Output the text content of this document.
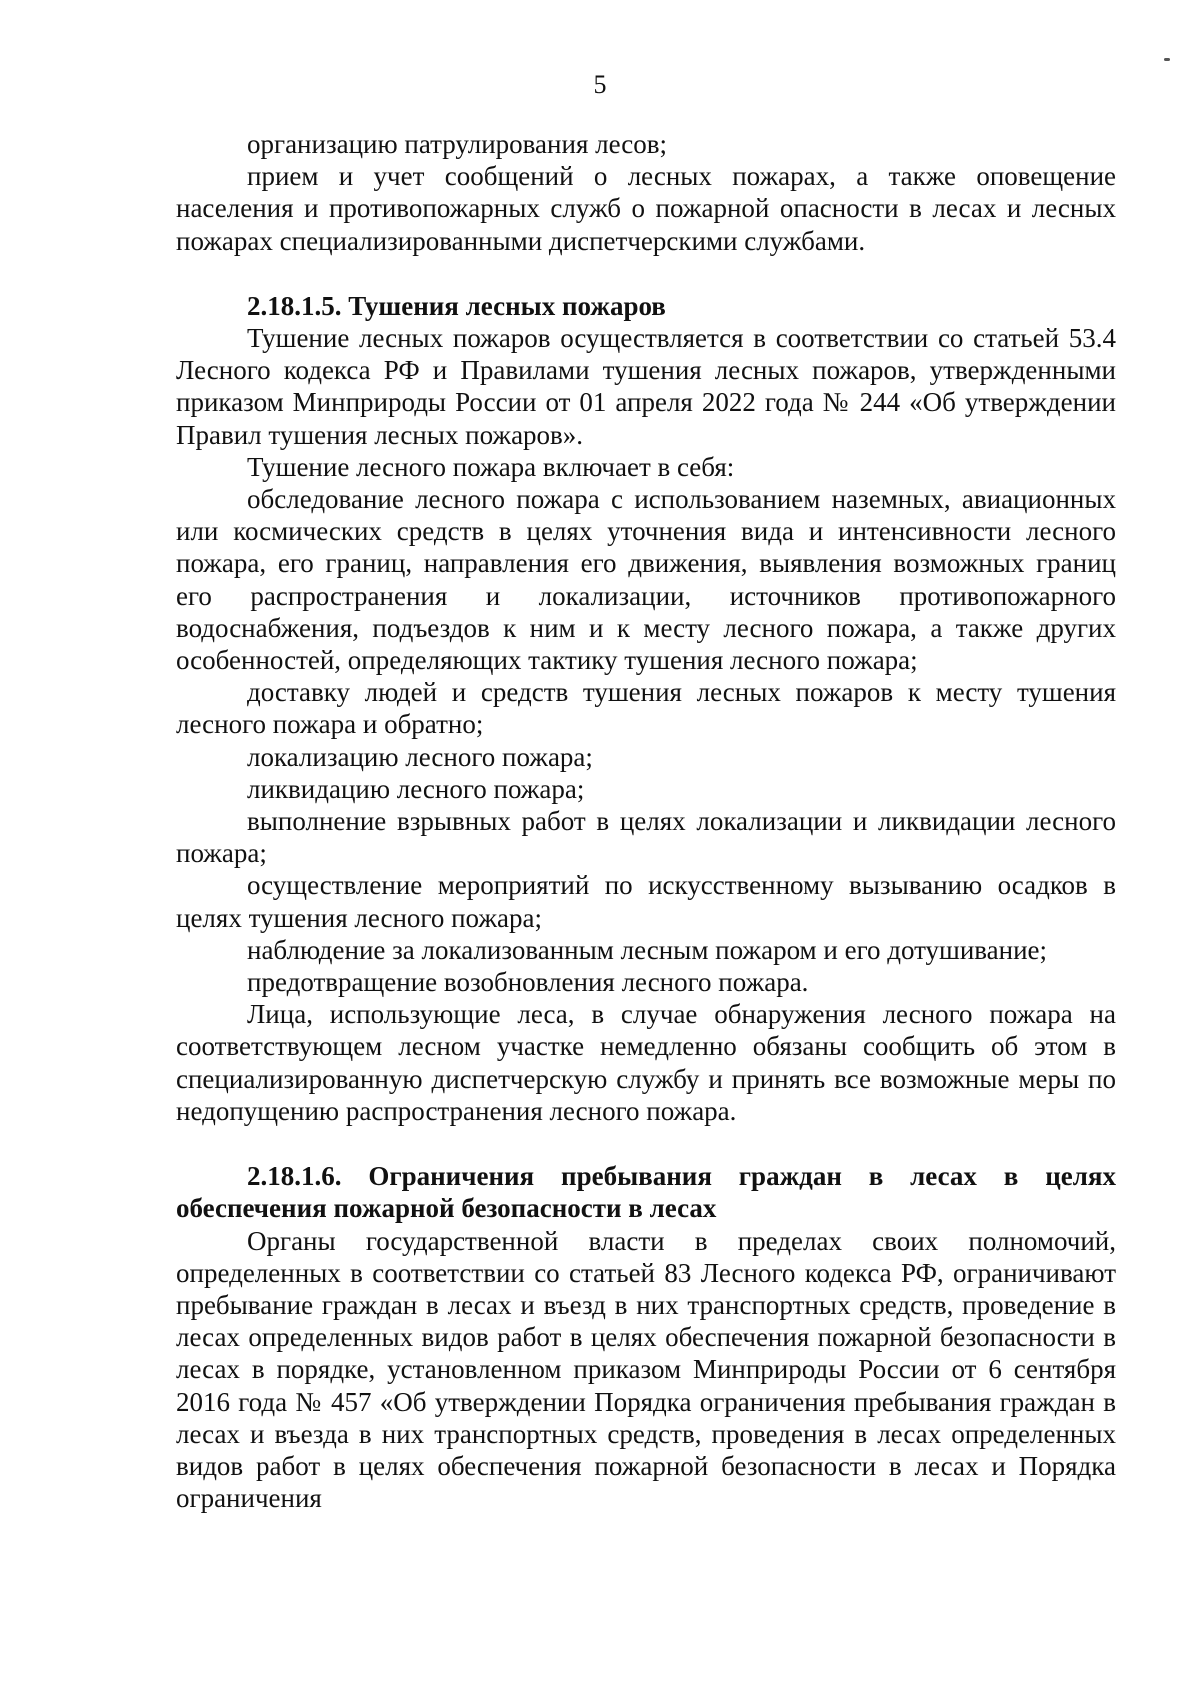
5

организацию патрулирования лесов;

прием и учет сообщений о лесных пожарах, а также оповещение населения и противопожарных служб о пожарной опасности в лесах и лесных пожарах специализированными диспетчерскими службами.

2.18.1.5. Тушения лесных пожаров

Тушение лесных пожаров осуществляется в соответствии со статьей 53.4 Лесного кодекса РФ и Правилами тушения лесных пожаров, утвержденными приказом Минприроды России от 01 апреля 2022 года № 244 «Об утверждении Правил тушения лесных пожаров».

Тушение лесного пожара включает в себя:

обследование лесного пожара с использованием наземных, авиационных или космических средств в целях уточнения вида и интенсивности лесного пожара, его границ, направления его движения, выявления возможных границ его распространения и локализации, источников противопожарного водоснабжения, подъездов к ним и к месту лесного пожара, а также других особенностей, определяющих тактику тушения лесного пожара;

доставку людей и средств тушения лесных пожаров к месту тушения лесного пожара и обратно;

локализацию лесного пожара;

ликвидацию лесного пожара;

выполнение взрывных работ в целях локализации и ликвидации лесного пожара;

осуществление мероприятий по искусственному вызыванию осадков в целях тушения лесного пожара;

наблюдение за локализованным лесным пожаром и его дотушивание;

предотвращение возобновления лесного пожара.

Лица, использующие леса, в случае обнаружения лесного пожара на соответствующем лесном участке немедленно обязаны сообщить об этом в специализированную диспетчерскую службу и принять все возможные меры по недопущению распространения лесного пожара.

2.18.1.6. Ограничения пребывания граждан в лесах в целях обеспечения пожарной безопасности в лесах

Органы государственной власти в пределах своих полномочий, определенных в соответствии со статьей 83 Лесного кодекса РФ, ограничивают пребывание граждан в лесах и въезд в них транспортных средств, проведение в лесах определенных видов работ в целях обеспечения пожарной безопасности в лесах в порядке, установленном приказом Минприроды России от 6 сентября 2016 года № 457 «Об утверждении Порядка ограничения пребывания граждан в лесах и въезда в них транспортных средств, проведения в лесах определенных видов работ в целях обеспечения пожарной безопасности в лесах и Порядка ограничения
